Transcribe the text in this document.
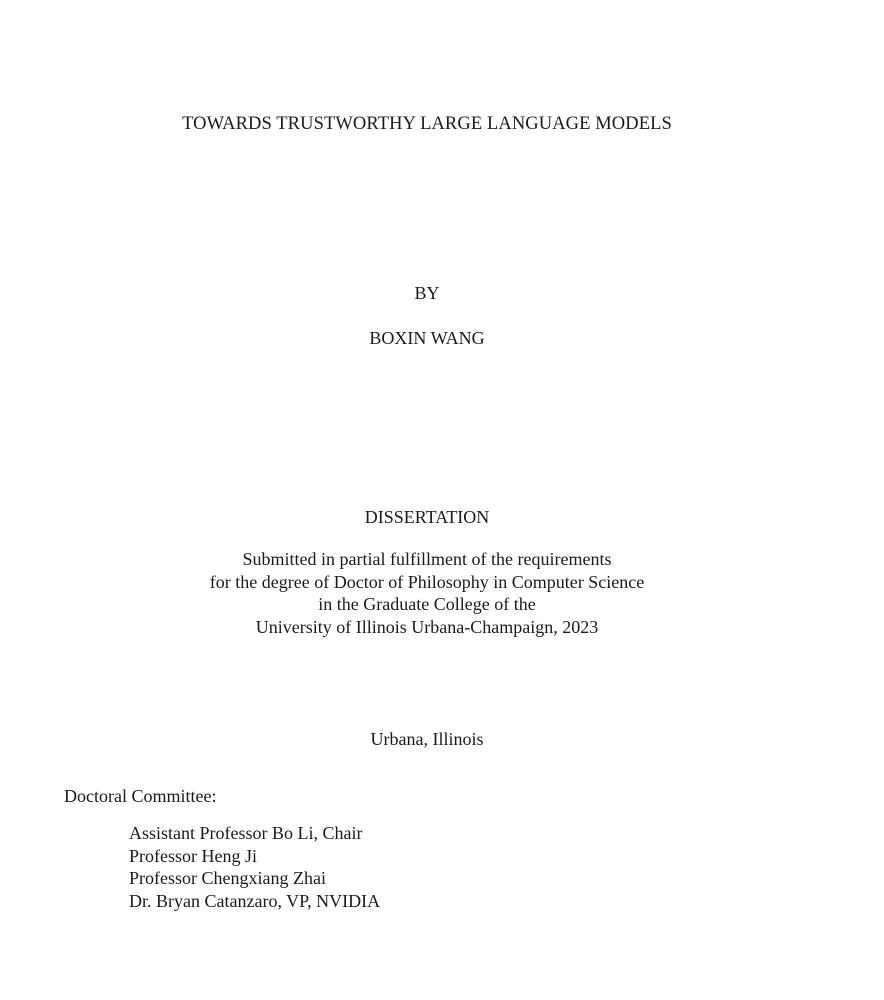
TOWARDS TRUSTWORTHY LARGE LANGUAGE MODELS
BY
BOXIN WANG
DISSERTATION
Submitted in partial fulfillment of the requirements
for the degree of Doctor of Philosophy in Computer Science
in the Graduate College of the
University of Illinois Urbana-Champaign, 2023
Urbana, Illinois
Doctoral Committee:
Assistant Professor Bo Li, Chair
Professor Heng Ji
Professor Chengxiang Zhai
Dr. Bryan Catanzaro, VP, NVIDIA
